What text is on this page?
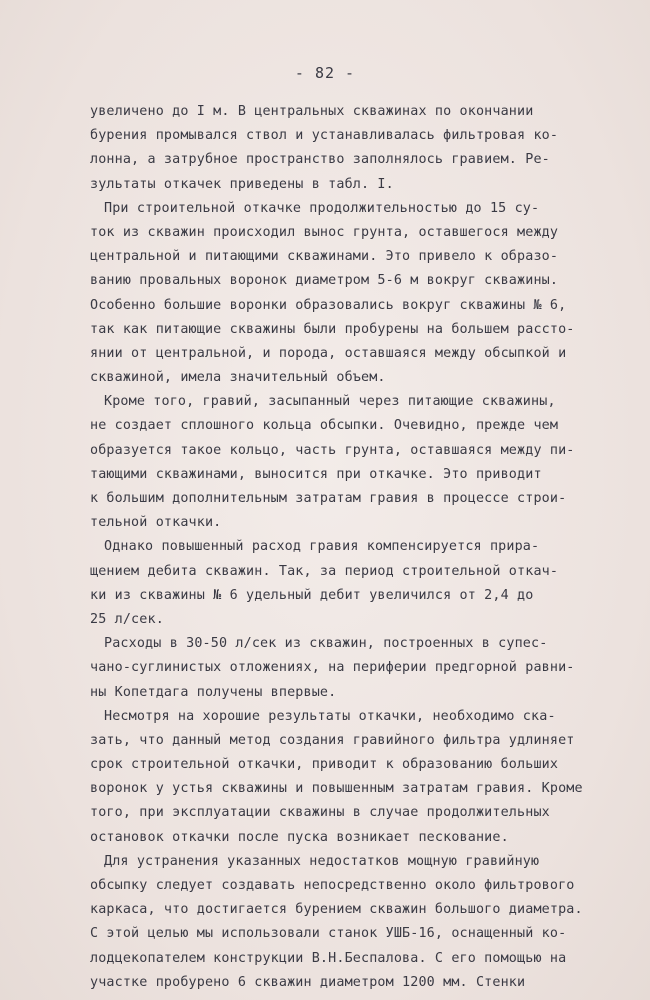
- 82 -
увеличено до I м. В центральных скважинах по окончании
бурения промывался ствол и устанавливалась фильтровая ко-
лонна, а затрубное пространство заполнялось гравием. Ре-
зультаты откачек приведены в табл. I.
При строительной откачке продолжительностью до 15 су-
ток из скважин происходил вынос грунта, оставшегося между
центральной и питающими скважинами. Это привело к образо-
ванию провальных воронок диаметром 5-6 м вокруг скважины.
Особенно большие воронки образовались вокруг скважины № 6,
так как питающие скважины были пробурены на большем рассто-
янии от центральной, и порода, оставшаяся между обсыпкой и
скважиной, имела значительный объем.
Кроме того, гравий, засыпанный через питающие скважины,
не создает сплошного кольца обсыпки. Очевидно, прежде чем
образуется такое кольцо, часть грунта, оставшаяся между пи-
тающими скважинами, выносится при откачке. Это приводит
к большим дополнительным затратам гравия в процессе строи-
тельной откачки.
Однако повышенный расход гравия компенсируется прира-
щением дебита скважин. Так, за период строительной откач-
ки из скважины № 6 удельный дебит увеличился от 2,4 до
25 л/сек.
Расходы в 30-50 л/сек из скважин, построенных в супес-
чано-суглинистых отложениях, на периферии предгорной равни-
ны Копетдага получены впервые.
Несмотря на хорошие результаты откачки, необходимо ска-
зать, что данный метод создания гравийного фильтра удлиняет
срок строительной откачки, приводит к образованию больших
воронок у устья скважины и повышенным затратам гравия. Кроме
того, при эксплуатации скважины в случае продолжительных
остановок откачки после пуска возникает пескование.
Для устранения указанных недостатков мощную гравийную
обсыпку следует создавать непосредственно около фильтрового
каркаса, что достигается бурением скважин большого диаметра.
С этой целью мы использовали станок УШБ-16, оснащенный ко-
лодцекопателем конструкции В.Н.Беспалова. С его помощью на
участке пробурено 6 скважин диаметром 1200 мм. Стенки
